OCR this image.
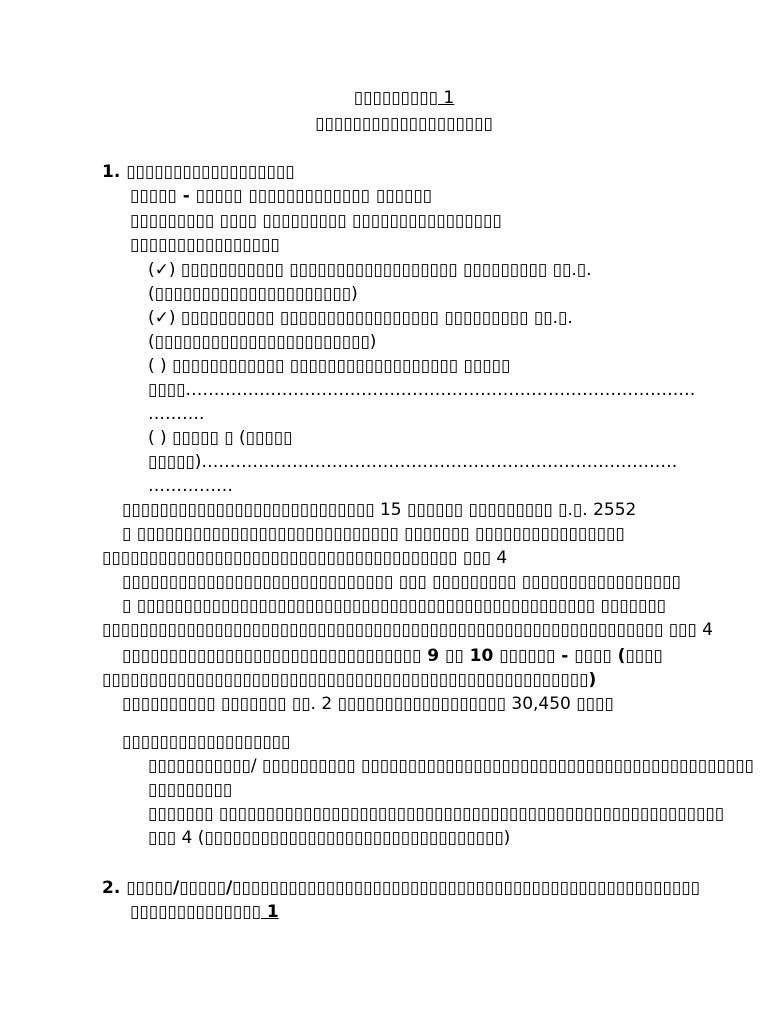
▯▯▯▯▯▯▯▯▯ 1
▯▯▯▯▯▯▯▯▯▯▯▯▯▯▯▯▯▯▯
1. ▯▯▯▯▯▯▯▯▯▯▯▯▯▯▯▯▯▯
▯▯▯▯▯ - ▯▯▯▯▯ ▯▯▯▯▯▯▯▯▯▯▯▯▯ ▯▯▯▯▯▯
▯▯▯▯▯▯▯▯▯ ▯▯▯▯ ▯▯▯▯▯▯▯▯▯ ▯▯▯▯▯▯▯▯▯▯▯▯▯▯▯▯
▯▯▯▯▯▯▯▯▯▯▯▯▯▯▯▯
(✓) ▯▯▯▯▯▯▯▯▯▯▯ ▯▯▯▯▯▯▯▯▯▯▯▯▯▯▯▯▯▯ ▯▯▯▯▯▯▯▯▯ ▯▯.▯.
(▯▯▯▯▯▯▯▯▯▯▯▯▯▯▯▯▯▯▯▯▯)
(✓) ▯▯▯▯▯▯▯▯▯▯ ▯▯▯▯▯▯▯▯▯▯▯▯▯▯▯▯▯ ▯▯▯▯▯▯▯▯▯ ▯▯.▯.
(▯▯▯▯▯▯▯▯▯▯▯▯▯▯▯▯▯▯▯▯▯▯▯)
( ) ▯▯▯▯▯▯▯▯▯▯▯▯ ▯▯▯▯▯▯▯▯▯▯▯▯▯▯▯▯▯▯ ▯▯▯▯▯
▯▯▯▯………………………………………………………………………………
……….
( ) ▯▯▯▯▯ ▯ (▯▯▯▯▯
▯▯▯▯▯)…………………………………………………………………………
……………
▯▯▯▯▯▯▯▯▯▯▯▯▯▯▯▯▯▯▯▯▯▯▯▯▯▯▯ 15 ▯▯▯▯▯▯ ▯▯▯▯▯▯▯▯▯ ▯.▯. 2552
▯ ▯▯▯▯▯▯▯▯▯▯▯▯▯▯▯▯▯▯▯▯▯▯▯▯▯▯▯▯ ▯▯▯▯▯▯▯ ▯▯▯▯▯▯▯▯▯▯▯▯▯▯▯▯
▯▯▯▯▯▯▯▯▯▯▯▯▯▯▯▯▯▯▯▯▯▯▯▯▯▯▯▯▯▯▯▯▯▯▯▯▯▯ ▯▯▯ 4
▯▯▯▯▯▯▯▯▯▯▯▯▯▯▯▯▯▯▯▯▯▯▯▯▯▯▯▯▯ ▯▯▯ ▯▯▯▯▯▯▯▯▯ ▯▯▯▯▯▯▯▯▯▯▯▯▯▯▯▯▯
▯ ▯▯▯▯▯▯▯▯▯▯▯▯▯▯▯▯▯▯▯▯▯▯▯▯▯▯▯▯▯▯▯▯▯▯▯▯▯▯▯▯▯▯▯▯▯▯▯▯▯ ▯▯▯▯▯▯▯
▯▯▯▯▯▯▯▯▯▯▯▯▯▯▯▯▯▯▯▯▯▯▯▯▯▯▯▯▯▯▯▯▯▯▯▯▯▯▯▯▯▯▯▯▯▯▯▯▯▯▯▯▯▯▯▯▯▯▯▯ ▯▯▯ 4
▯▯▯▯▯▯▯▯▯▯▯▯▯▯▯▯▯▯▯▯▯▯▯▯▯▯▯▯▯▯▯▯ 9 ▯▯ 10 ▯▯▯▯▯▯ - ▯▯▯▯ (▯▯▯▯
▯▯▯▯▯▯▯▯▯▯▯▯▯▯▯▯▯▯▯▯▯▯▯▯▯▯▯▯▯▯▯▯▯▯▯▯▯▯▯▯▯▯▯▯▯▯▯▯▯▯▯▯)
▯▯▯▯▯▯▯▯▯▯ ▯▯▯▯▯▯▯ ▯▯. 2 ▯▯▯▯▯▯▯▯▯▯▯▯▯▯▯▯▯▯ 30,450 ▯▯▯▯
▯▯▯▯▯▯▯▯▯▯▯▯▯▯▯▯▯▯
▯▯▯▯▯▯▯▯▯▯▯/ ▯▯▯▯▯▯▯▯▯▯ ▯▯▯▯▯▯▯▯▯▯▯▯▯▯▯▯▯▯▯▯▯▯▯▯▯▯▯▯▯▯▯▯▯▯▯▯▯▯▯▯▯▯
▯▯▯▯▯▯▯▯▯
▯▯▯▯▯▯▯ ▯▯▯▯▯▯▯▯▯▯▯▯▯▯▯▯▯▯▯▯▯▯▯▯▯▯▯▯▯▯▯▯▯▯▯▯▯▯▯▯▯▯▯▯▯▯▯▯▯▯▯▯▯▯
▯▯▯ 4 (▯▯▯▯▯▯▯▯▯▯▯▯▯▯▯▯▯▯▯▯▯▯▯▯▯▯▯▯▯▯▯▯)
2. ▯▯▯▯▯/▯▯▯▯▯/▯▯▯▯▯▯▯▯▯▯▯▯▯▯▯▯▯▯▯▯▯▯▯▯▯▯▯▯▯▯▯▯▯▯▯▯▯▯▯▯▯▯▯▯▯▯▯▯▯▯
▯▯▯▯▯▯▯▯▯▯▯▯▯▯ 1
